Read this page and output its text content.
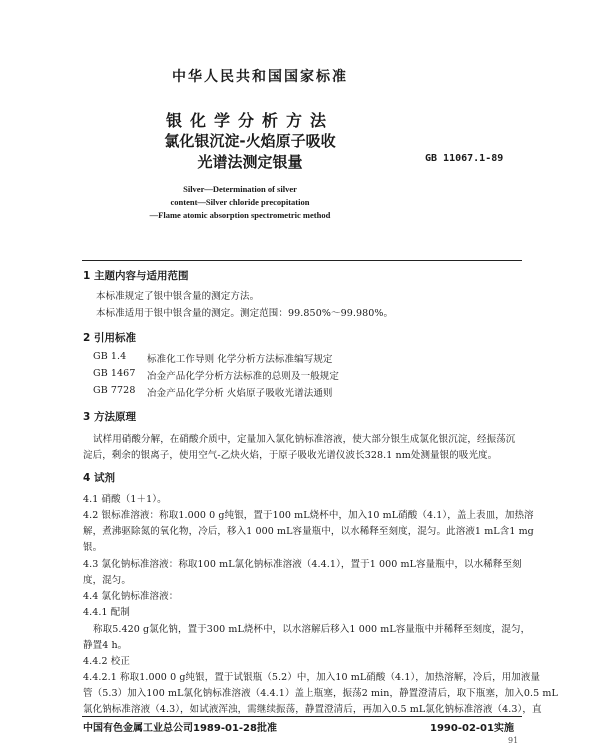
中华人民共和国国家标准
银化学分析方法
氯化银沉淀-火焰原子吸收
光谱法测定银量	GB 11067.1-89
Silver—Determination of silver
content—Silver chloride precopitation
—Flame atomic absorption spectrometric method
1 主题内容与适用范围
本标准规定了银中银含量的测定方法。
本标准适用于银中银含量的测定。测定范围：99.850%～99.980%。
2 引用标准
GB 1.4 标准化工作导则 化学分析方法标准编写规定
GB 1467 冶金产品化学分析方法标准的总则及一般规定
GB 7728 冶金产品化学分析 火焰原子吸收光谱法通则
3 方法原理
试样用硝酸分解，在硝酸介质中，定量加入氯化钠标准溶液，使大部分银生成氯化银沉淀，经振荡沉
淀后，剩余的银离子，使用空气-乙炔火焰，于原子吸收光谱仪波长328.1 nm处测量银的吸光度。
4 试剂
4.1 硝酸（1＋1）。
4.2 银标准溶液：称取1.000 0 g纯银，置于100 mL烧杯中，加入10 mL硝酸（4.1），盖上表皿，加热溶
解，煮沸驱除氮的氧化物，冷后，移入1 000 mL容量瓶中，以水稀释至刻度，混匀。此溶液1 mL含1 mg
银。
4.3 氯化钠标准溶液：称取100 mL氯化钠标准溶液（4.4.1），置于1 000 mL容量瓶中，以水稀释至刻
度，混匀。
4.4 氯化钠标准溶液：
4.4.1 配制
称取5.420 g氯化钠，置于300 mL烧杯中，以水溶解后移入1 000 mL容量瓶中并稀释至刻度，混匀，
静置4 h。
4.4.2 校正
4.4.2.1 称取1.000 0 g纯银，置于试银瓶（5.2）中，加入10 mL硝酸（4.1），加热溶解，冷后，用加液量
管（5.3）加入100 mL氯化钠标准溶液（4.4.1）盖上瓶塞，振荡2 min，静置澄清后，取下瓶塞，加入0.5 mL
氯化钠标准溶液（4.3），如试液浑浊，需继续振荡，静置澄清后，再加入0.5 mL氯化钠标准溶液（4.3），直
中国有色金属工业总公司1989-01-28批准	1990-02-01实施
91
